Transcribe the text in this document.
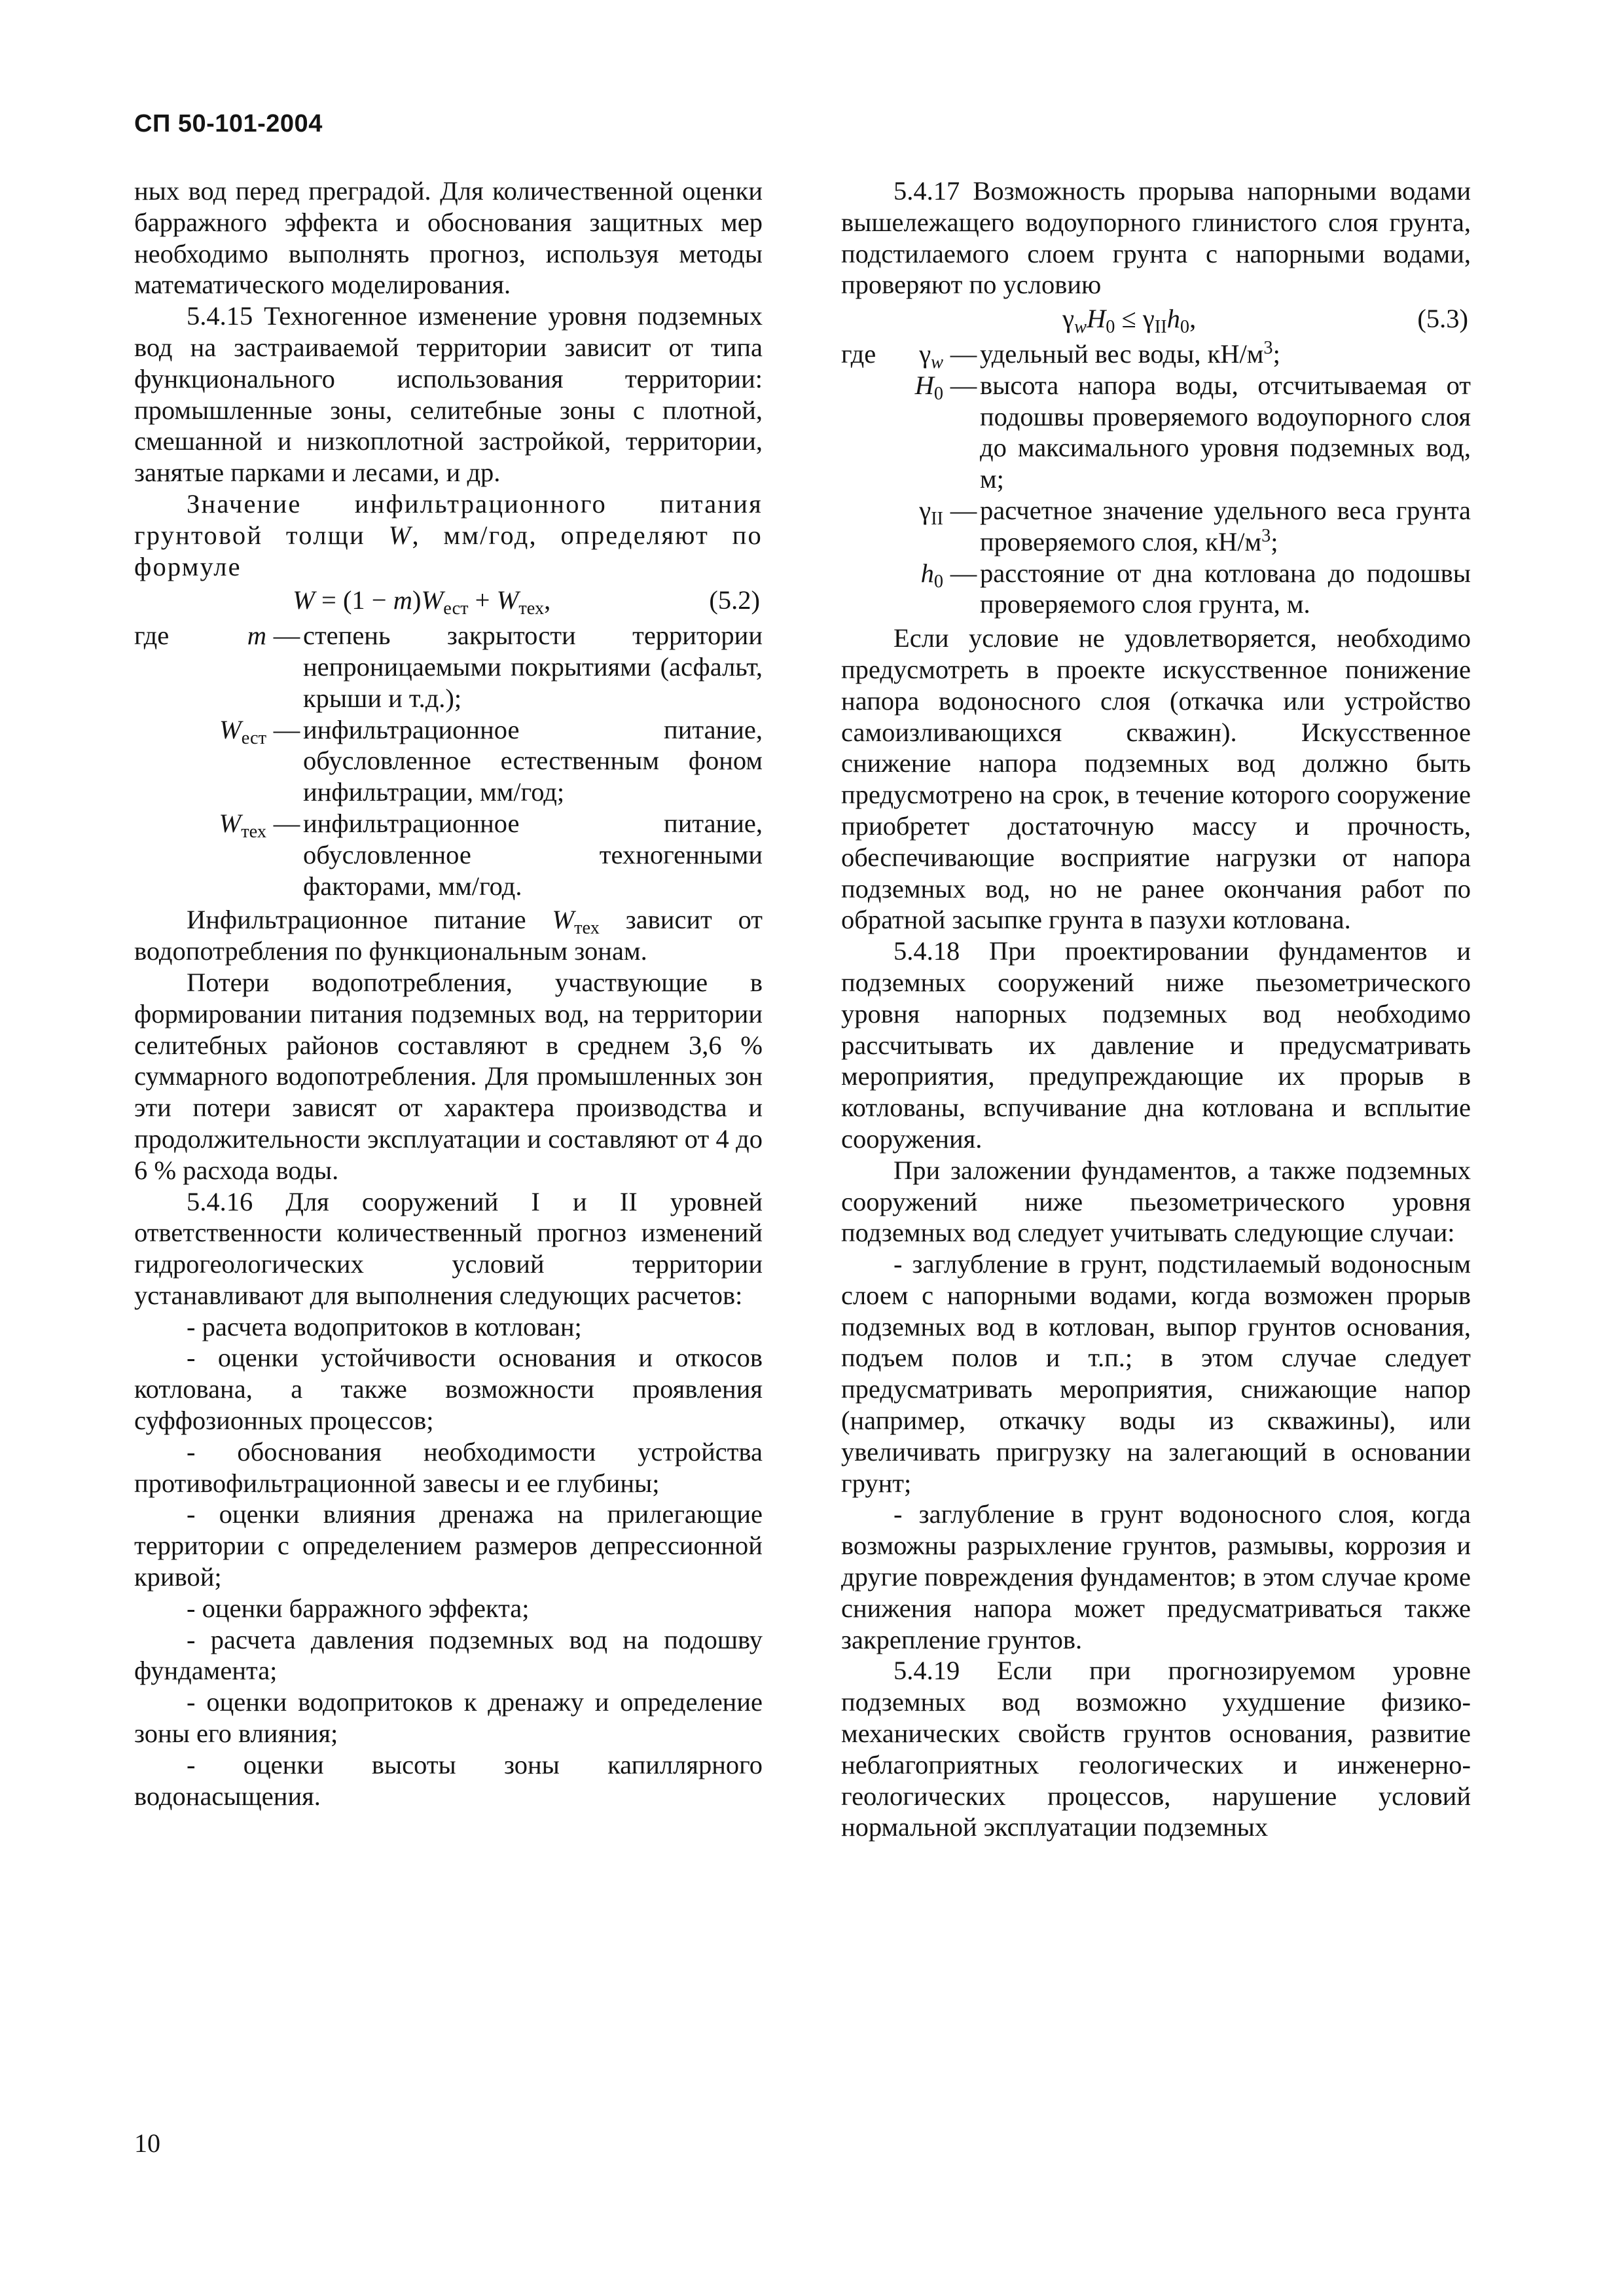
СП 50-101-2004

ных вод перед преградой. Для количественной оценки барражного эффекта и обоснования защитных мер необходимо выполнять прогноз, используя методы математического моделирования.

5.4.15 Техногенное изменение уровня подземных вод на застраиваемой территории зависит от типа функционального использования территории: промышленные зоны, селитебные зоны с плотной, смешанной и низкоплотной застройкой, территории, занятые парками и лесами, и др.

Значение инфильтрационного питания грунтовой толщи W, мм/год, определяют по формуле

$W = (1 - m)W_{ест} + W_{тех}$,	(5.2)
где	m — степень закрытости территории непроницаемыми покрытиями (асфальт, крыши и т.д.);
$W_{ест}$ — инфильтрационное питание, обусловленное естественным фоном инфильтрации, мм/год;
$W_{тех}$ — инфильтрационное питание, обусловленное техногенными факторами, мм/год.

Инфильтрационное питание $W_{тех}$ зависит от водопотребления по функциональным зонам.

Потери водопотребления, участвующие в формировании питания подземных вод, на территории селитебных районов составляют в среднем 3,6 % суммарного водопотребления. Для промышленных зон эти потери зависят от характера производства и продолжительности эксплуатации и составляют от 4 до 6 % расхода воды.

5.4.16 Для сооружений I и II уровней ответственности количественный прогноз изменений гидрогеологических условий территории устанавливают для выполнения следующих расчетов:

- расчета водопритоков в котлован;

- оценки устойчивости основания и откосов котлована, а также возможности проявления суффозионных процессов;

- обоснования необходимости устройства противофильтрационной завесы и ее глубины;

- оценки влияния дренажа на прилегающие территории с определением размеров депрессионной кривой;

- оценки барражного эффекта;

- расчета давления подземных вод на подошву фундамента;

- оценки водопритоков к дренажу и определение зоны его влияния;

- оценки высоты зоны капиллярного водонасыщения.

5.4.17 Возможность прорыва напорными водами вышележащего водоупорного глинистого слоя грунта, подстилаемого слоем грунта с напорными водами, проверяют по условию

$\gamma_wH_0 \le \gamma_{II}h_0$,	(5.3)
где	$\gamma_w$ — удельный вес воды, $кН/м^3$;
$H_0$ — высота напора воды, отсчитываемая от подошвы проверяемого водоупорного слоя до максимального уровня подземных вод, м;
$\gamma_{II}$ — расчетное значение удельного веса грунта проверяемого слоя, $кН/м^3$;
$h_0$ — расстояние от дна котлована до подошвы проверяемого слоя грунта, м.

Если условие не удовлетворяется, необходимо предусмотреть в проекте искусственное понижение напора водоносного слоя (откачка или устройство самоизливающихся скважин). Искусственное снижение напора подземных вод должно быть предусмотрено на срок, в течение которого сооружение приобретет достаточную массу и прочность, обеспечивающие восприятие нагрузки от напора подземных вод, но не ранее окончания работ по обратной засыпке грунта в пазухи котлована.

5.4.18 При проектировании фундаментов и подземных сооружений ниже пьезометрического уровня напорных подземных вод необходимо рассчитывать их давление и предусматривать мероприятия, предупреждающие их прорыв в котлованы, вспучивание дна котлована и всплытие сооружения.

При заложении фундаментов, а также подземных сооружений ниже пьезометрического уровня подземных вод следует учитывать следующие случаи:

- заглубление в грунт, подстилаемый водоносным слоем с напорными водами, когда возможен прорыв подземных вод в котлован, выпор грунтов основания, подъем полов и т.п.; в этом случае следует предусматривать мероприятия, снижающие напор (например, откачку воды из скважины), или увеличивать пригрузку на залегающий в основании грунт;

- заглубление в грунт водоносного слоя, когда возможны разрыхление грунтов, размывы, коррозия и другие повреждения фундаментов; в этом случае кроме снижения напора может предусматриваться также закрепление грунтов.

5.4.19 Если при прогнозируемом уровне подземных вод возможно ухудшение физико-механических свойств грунтов основания, развитие неблагоприятных геологических и инженерно-геологических процессов, нарушение условий нормальной эксплуатации подземных

10
